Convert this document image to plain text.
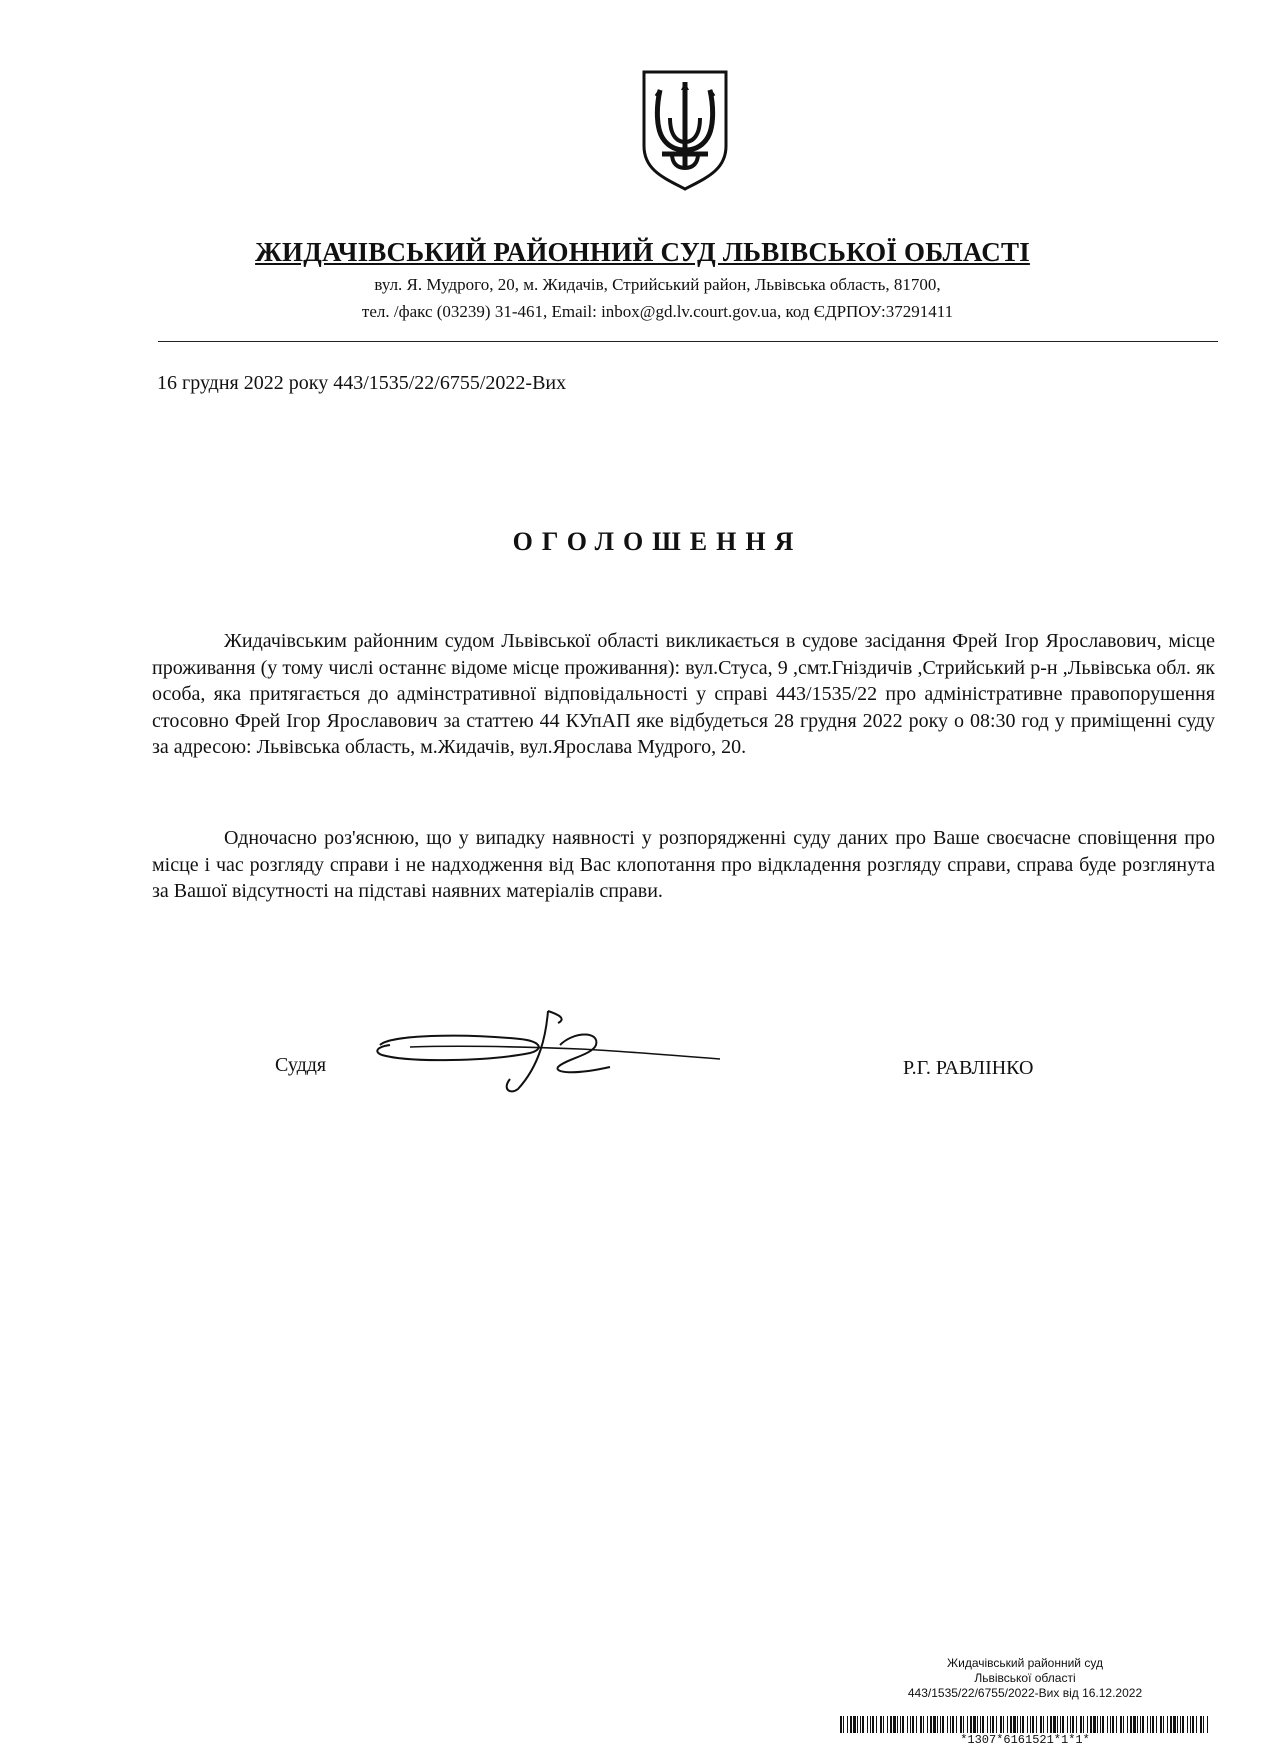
ЖИДАЧІВСЬКИЙ РАЙОННИЙ СУД ЛЬВІВСЬКОЇ ОБЛАСТІ
вул. Я. Мудрого, 20, м. Жидачів, Стрийський район, Львівська область, 81700,
тел. /факс (03239) 31-461, Email: inbox@gd.lv.court.gov.ua, код ЄДРПОУ:37291411
16 грудня 2022 року 443/1535/22/6755/2022-Вих
ОГОЛОШЕННЯ

Жидачівським районним судом Львівської області викликається в судове засідання Фрей Ігор Ярославович, місце проживання (у тому числі останнє відоме місце проживання): вул.Стуса, 9 ,смт.Гніздичів ,Стрийський р-н ,Львівська обл. як особа, яка притягається до адмінстративної відповідальності у справі 443/1535/22 про адміністративне правопорушення стосовно Фрей Ігор Ярославович за статтею 44 КУпАП яке відбудеться 28 грудня 2022 року о 08:30 год у приміщенні суду за адресою: Львівська область, м.Жидачів, вул.Ярослава Мудрого, 20.

Одночасно роз'яснюю, що у випадку наявності у розпорядженні суду даних про Ваше своєчасне сповіщення про місце і час розгляду справи і не надходження від Вас клопотання про відкладення розгляду справи, справа буде розглянута за Вашої відсутності на підставі наявних матеріалів справи.

Суддя	Р.Г. РАВЛІНКО
Жидачівський районний суд
Львівської області
443/1535/22/6755/2022-Вих від 16.12.2022
*1307*6161521*1*1*
